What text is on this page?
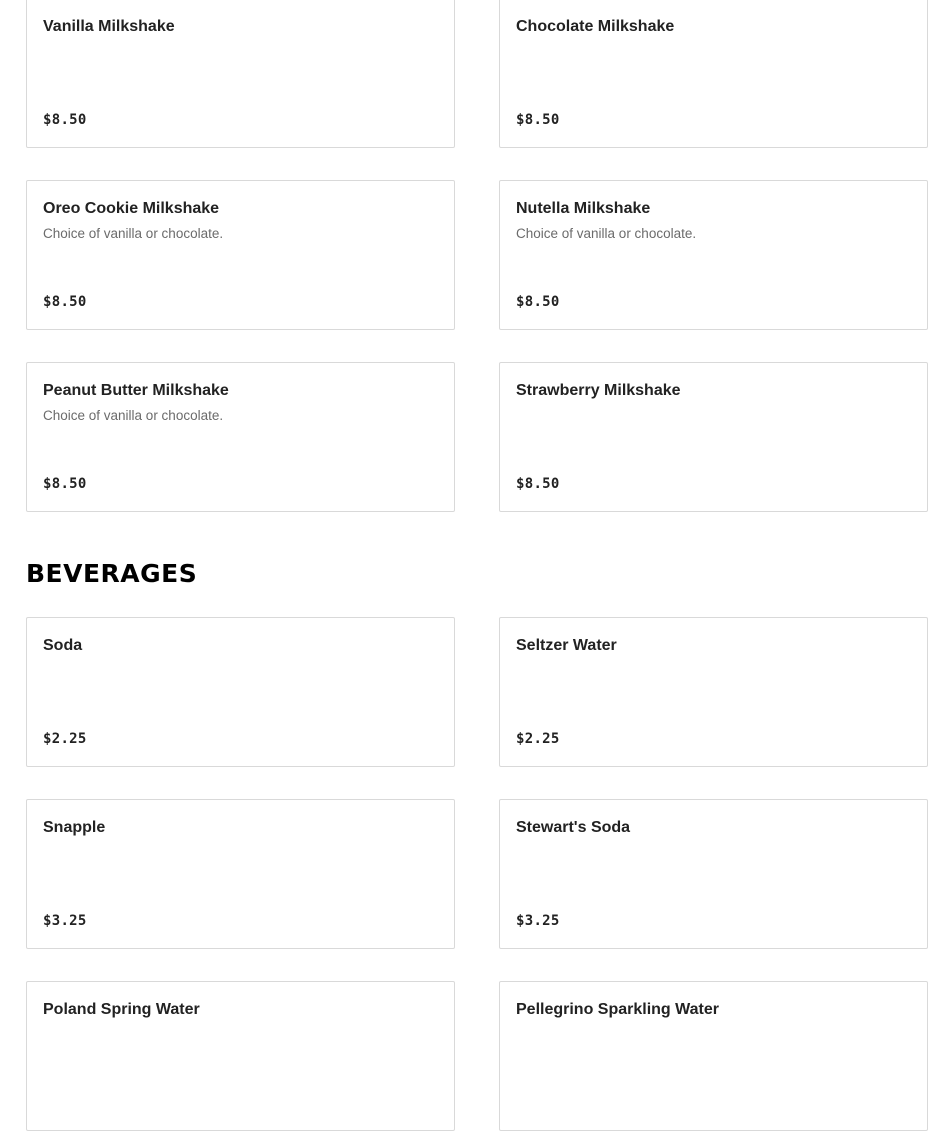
Vanilla Milkshake
$8.50
Chocolate Milkshake
$8.50
Oreo Cookie Milkshake
Choice of vanilla or chocolate.
$8.50
Nutella Milkshake
Choice of vanilla or chocolate.
$8.50
Peanut Butter Milkshake
Choice of vanilla or chocolate.
$8.50
Strawberry Milkshake
$8.50
BEVERAGES
Soda
$2.25
Seltzer Water
$2.25
Snapple
$3.25
Stewart's Soda
$3.25
Poland Spring Water	Pellegrino Sparkling Water
